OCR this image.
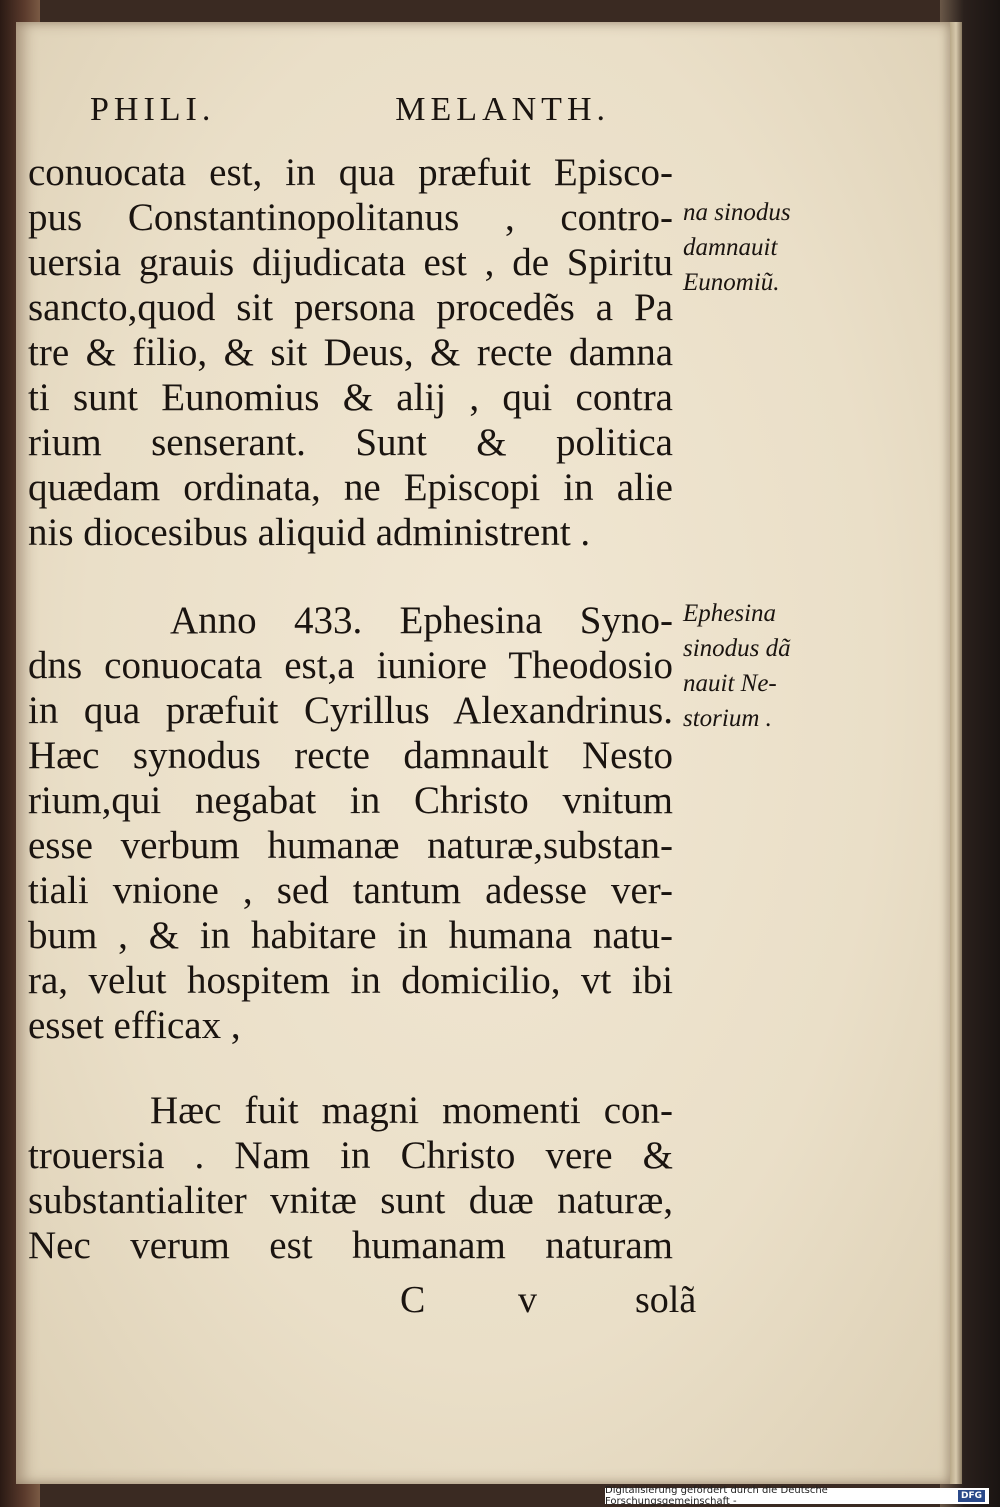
PHILI.	MELANTH.
conuocata est, in qua præfuit Episco-
pus Constantinopolitanus , contro-
uersia grauis dijudicata est , de Spiritu
sancto,quod sit persona procedẽs a Pa
tre & filio, & sit Deus, & recte damna
ti sunt Eunomius & alij , qui contra
rium senserant. Sunt & politica
quædam ordinata, ne Episcopi in alie
nis diocesibus aliquid administrent .
na sinodus
damnauit
Eunomiũ.
Anno 433. Ephesina Syno-
dns conuocata est,a iuniore Theodosio
in qua præfuit Cyrillus Alexandrinus.
Hæc synodus recte damnault Nesto
rium,qui negabat in Christo vnitum
esse verbum humanæ naturæ,substan-
tiali vnione , sed tantum adesse ver-
bum , & in habitare in humana natu-
ra, velut hospitem in domicilio, vt ibi
esset efficax ,
Ephesina
sinodus dã
nauit Ne-
storium .
Hæc fuit magni momenti con-
trouersia . Nam in Christo vere &
substantialiter vnitæ sunt duæ naturæ,
Nec verum est humanam naturam
C v	solã
Digitalisierung gefördert durch die Deutsche Forschungsgemeinschaft -	DFG
